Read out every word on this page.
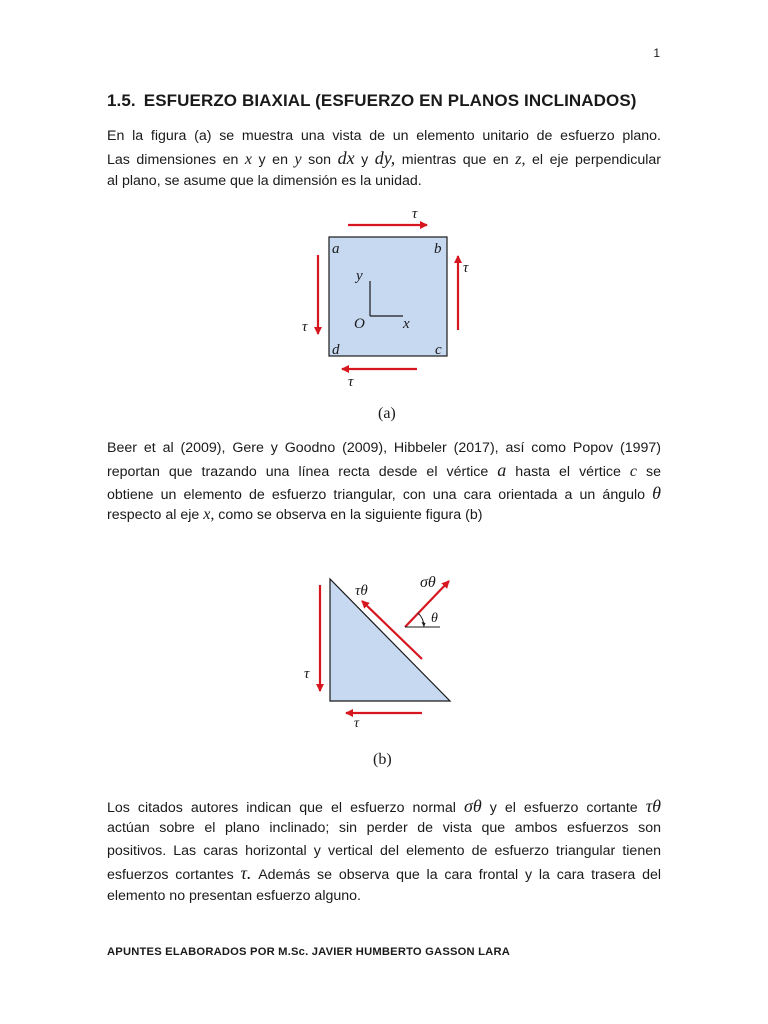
1
1.5. ESFUERZO BIAXIAL (ESFUERZO EN PLANOS INCLINADOS)
En la figura (a) se muestra una vista de un elemento unitario de esfuerzo plano.
Las dimensiones en x y en y son dx y dy, mientras que en z, el eje perpendicular
al plano, se asume que la dimensión es la unidad.
a	b
c
d
O	x
y
τ
τ
τ
τ
(a)
Beer et al (2009), Gere y Goodno (2009), Hibbeler (2017), así como Popov (1997)
reportan que trazando una línea recta desde el vértice a hasta el vértice c se
obtiene un elemento de esfuerzo triangular, con una cara orientada a un ángulo θ
respecto al eje x, como se observa en la siguiente figura (b)
τ
τ
τθ	σθ
θ
(b)
Los citados autores indican que el esfuerzo normal σθ y el esfuerzo cortante τθ
actúan sobre el plano inclinado; sin perder de vista que ambos esfuerzos son
positivos. Las caras horizontal y vertical del elemento de esfuerzo triangular tienen
esfuerzos cortantes τ. Además se observa que la cara frontal y la cara trasera del
elemento no presentan esfuerzo alguno.
APUNTES ELABORADOS POR M.Sc. JAVIER HUMBERTO GASSON LARA
